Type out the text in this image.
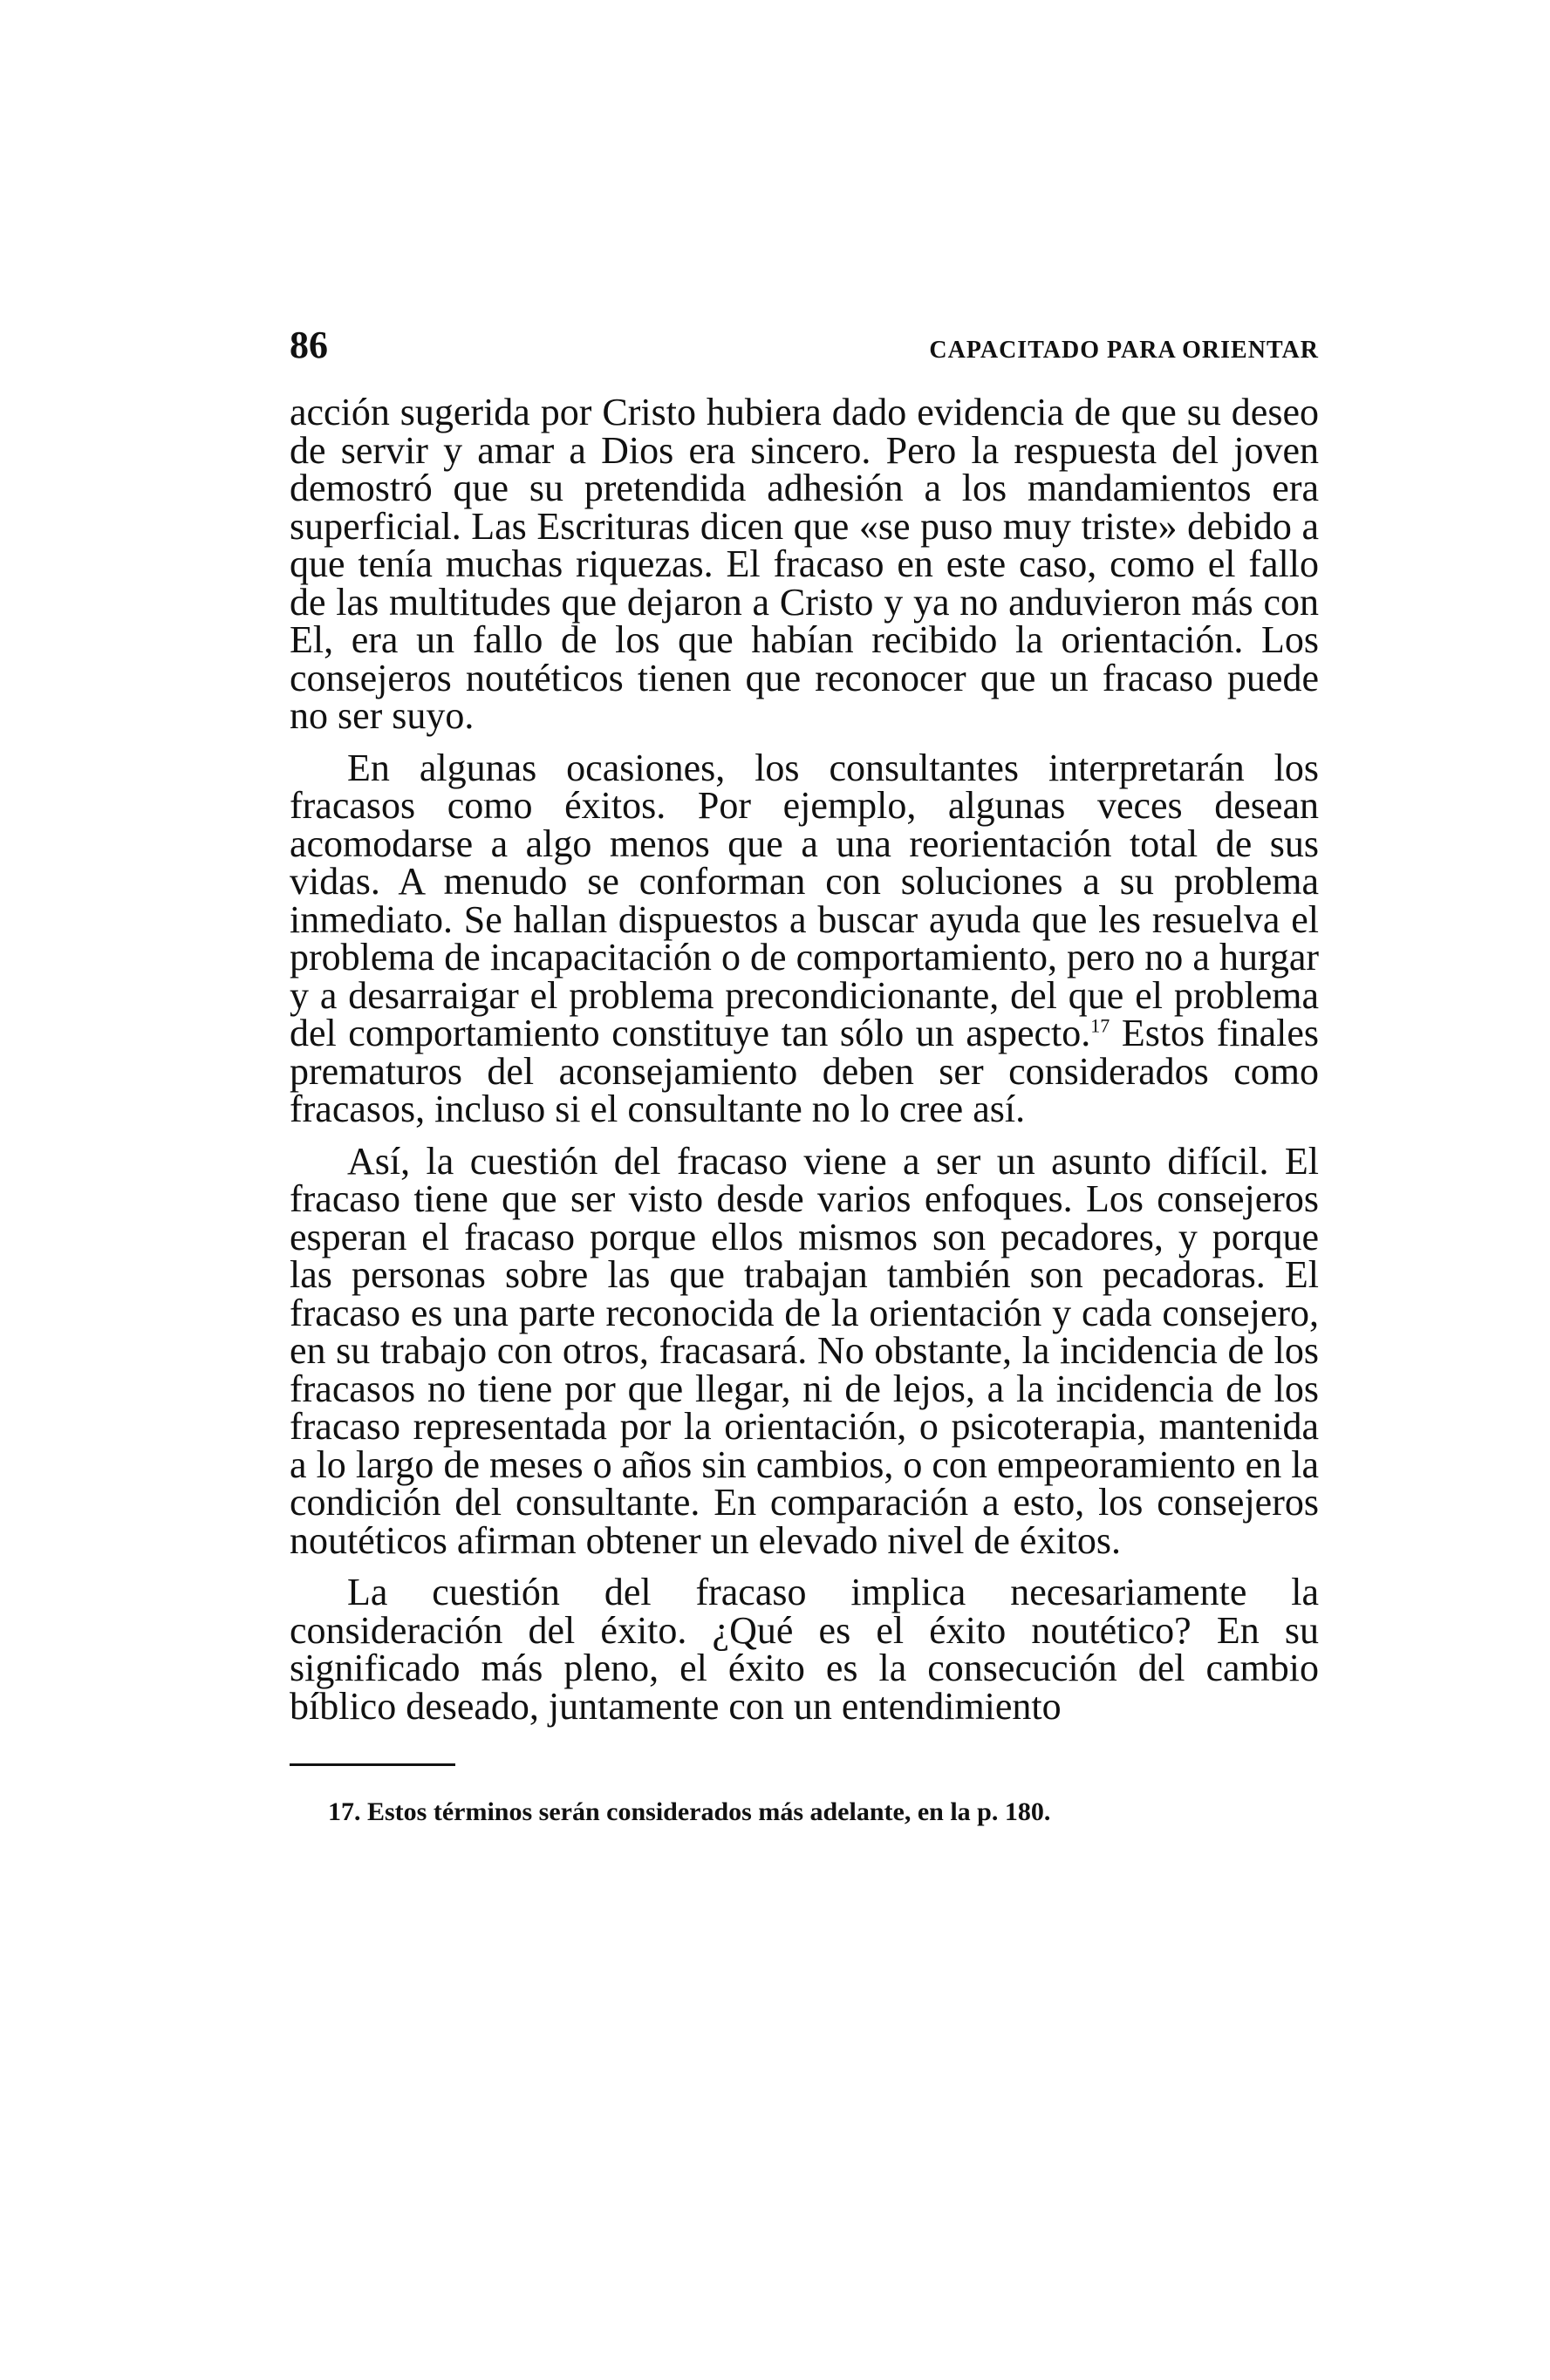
86	CAPACITADO PARA ORIENTAR

acción sugerida por Cristo hubiera dado evidencia de que su deseo de servir y amar a Dios era sincero. Pero la respuesta del joven demostró que su pretendida adhesión a los mandamientos era superficial. Las Escrituras dicen que «se puso muy triste» debido a que tenía muchas riquezas. El fracaso en este caso, como el fallo de las multitudes que dejaron a Cristo y ya no anduvieron más con El, era un fallo de los que habían recibido la orientación. Los consejeros noutéticos tienen que reconocer que un fracaso puede no ser suyo.

En algunas ocasiones, los consultantes interpretarán los fracasos como éxitos. Por ejemplo, algunas veces desean acomodarse a algo menos que a una reorientación total de sus vidas. A menudo se conforman con soluciones a su problema inmediato. Se hallan dispuestos a buscar ayuda que les resuelva el problema de incapacitación o de comportamiento, pero no a hurgar y a desarraigar el problema precondicionante, del que el problema del comportamiento constituye tan sólo un aspecto.$^{17}$ Estos finales prematuros del aconsejamiento deben ser considerados como fracasos, incluso si el consultante no lo cree así.

Así, la cuestión del fracaso viene a ser un asunto difícil. El fracaso tiene que ser visto desde varios enfoques. Los consejeros esperan el fracaso porque ellos mismos son pecadores, y porque las personas sobre las que trabajan también son pecadoras. El fracaso es una parte reconocida de la orientación y cada consejero, en su trabajo con otros, fracasará. No obstante, la incidencia de los fracasos no tiene por que llegar, ni de lejos, a la incidencia de los fracaso representada por la orientación, o psicoterapia, mantenida a lo largo de meses o años sin cambios, o con empeoramiento en la condición del consultante. En comparación a esto, los consejeros noutéticos afirman obtener un elevado nivel de éxitos.

La cuestión del fracaso implica necesariamente la consideración del éxito. ¿Qué es el éxito noutético? En su significado más pleno, el éxito es la consecución del cambio bíblico deseado, juntamente con un entendimiento

17. Estos términos serán considerados más adelante, en la p. 180.
